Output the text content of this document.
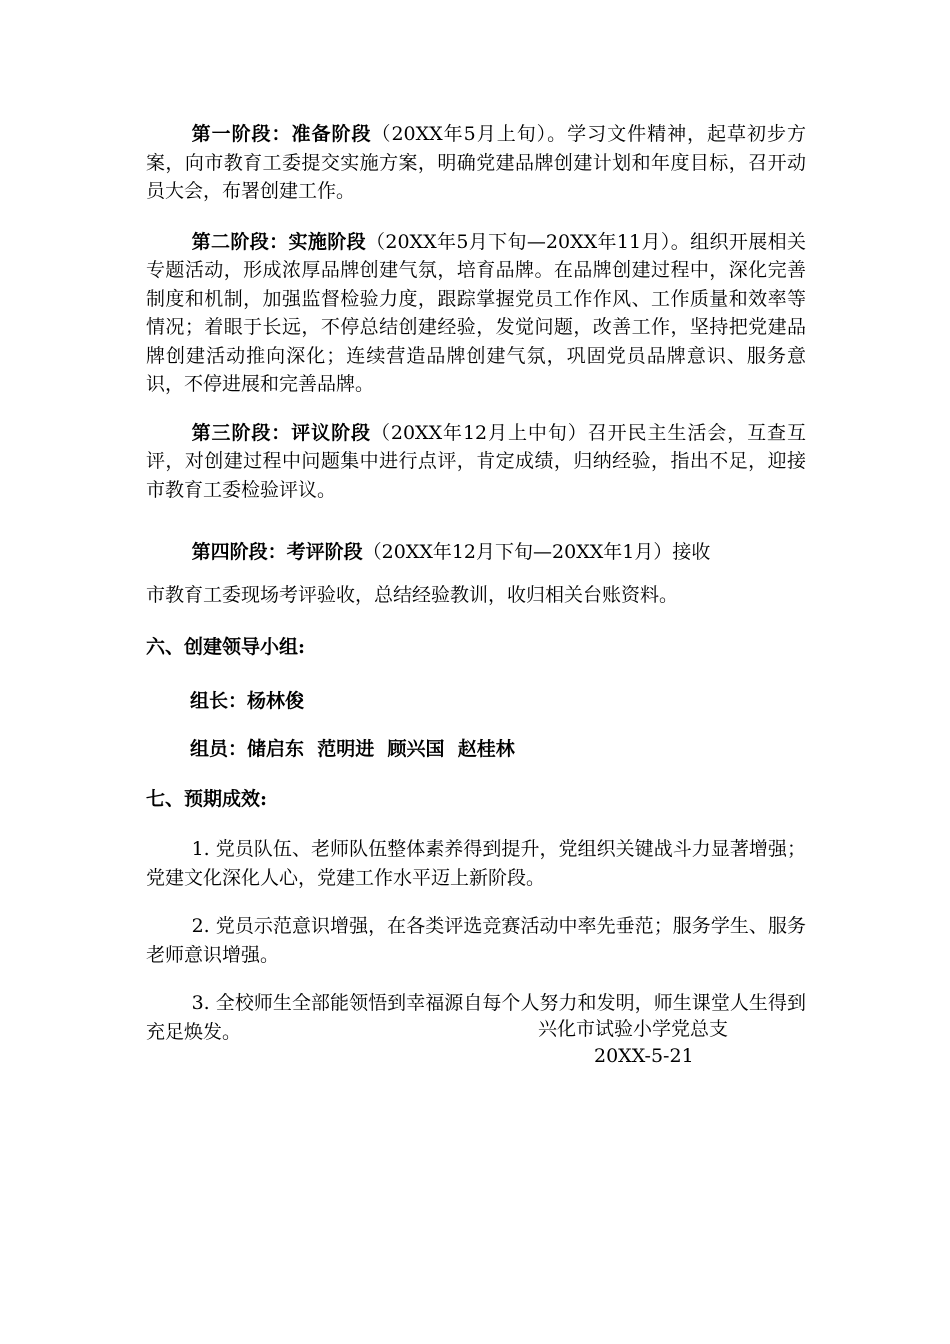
第一阶段：准备阶段（20XX年5月上旬）。学习文件精神，起草初步方案，向市教育工委提交实施方案，明确党建品牌创建计划和年度目标，召开动员大会，布署创建工作。

第二阶段：实施阶段（20XX年5月下旬—20XX年11月）。组织开展相关专题活动，形成浓厚品牌创建气氛，培育品牌。在品牌创建过程中，深化完善制度和机制，加强监督检验力度，跟踪掌握党员工作作风、工作质量和效率等情况；着眼于长远，不停总结创建经验，发觉问题，改善工作，坚持把党建品牌创建活动推向深化；连续营造品牌创建气氛，巩固党员品牌意识、服务意识，不停进展和完善品牌。

第三阶段：评议阶段（20XX年12月上中旬）召开民主生活会，互查互评，对创建过程中问题集中进行点评，肯定成绩，归纳经验，指出不足，迎接市教育工委检验评议。

第四阶段：考评阶段（20XX年12月下旬—20XX年1月）接收

市教育工委现场考评验收，总结经验教训，收归相关台账资料。

六、创建领导小组:

组长：杨林俊

组员：储启东  范明进  顾兴国  赵桂林

七、预期成效:

1. 党员队伍、老师队伍整体素养得到提升，党组织关键战斗力显著增强；党建文化深化人心，党建工作水平迈上新阶段。

2. 党员示范意识增强，在各类评选竞赛活动中率先垂范；服务学生、服务老师意识增强。

3. 全校师生全部能领悟到幸福源自每个人努力和发明，师生课堂人生得到充足焕发。	兴化市试验小学党总支
20XX-5-21
